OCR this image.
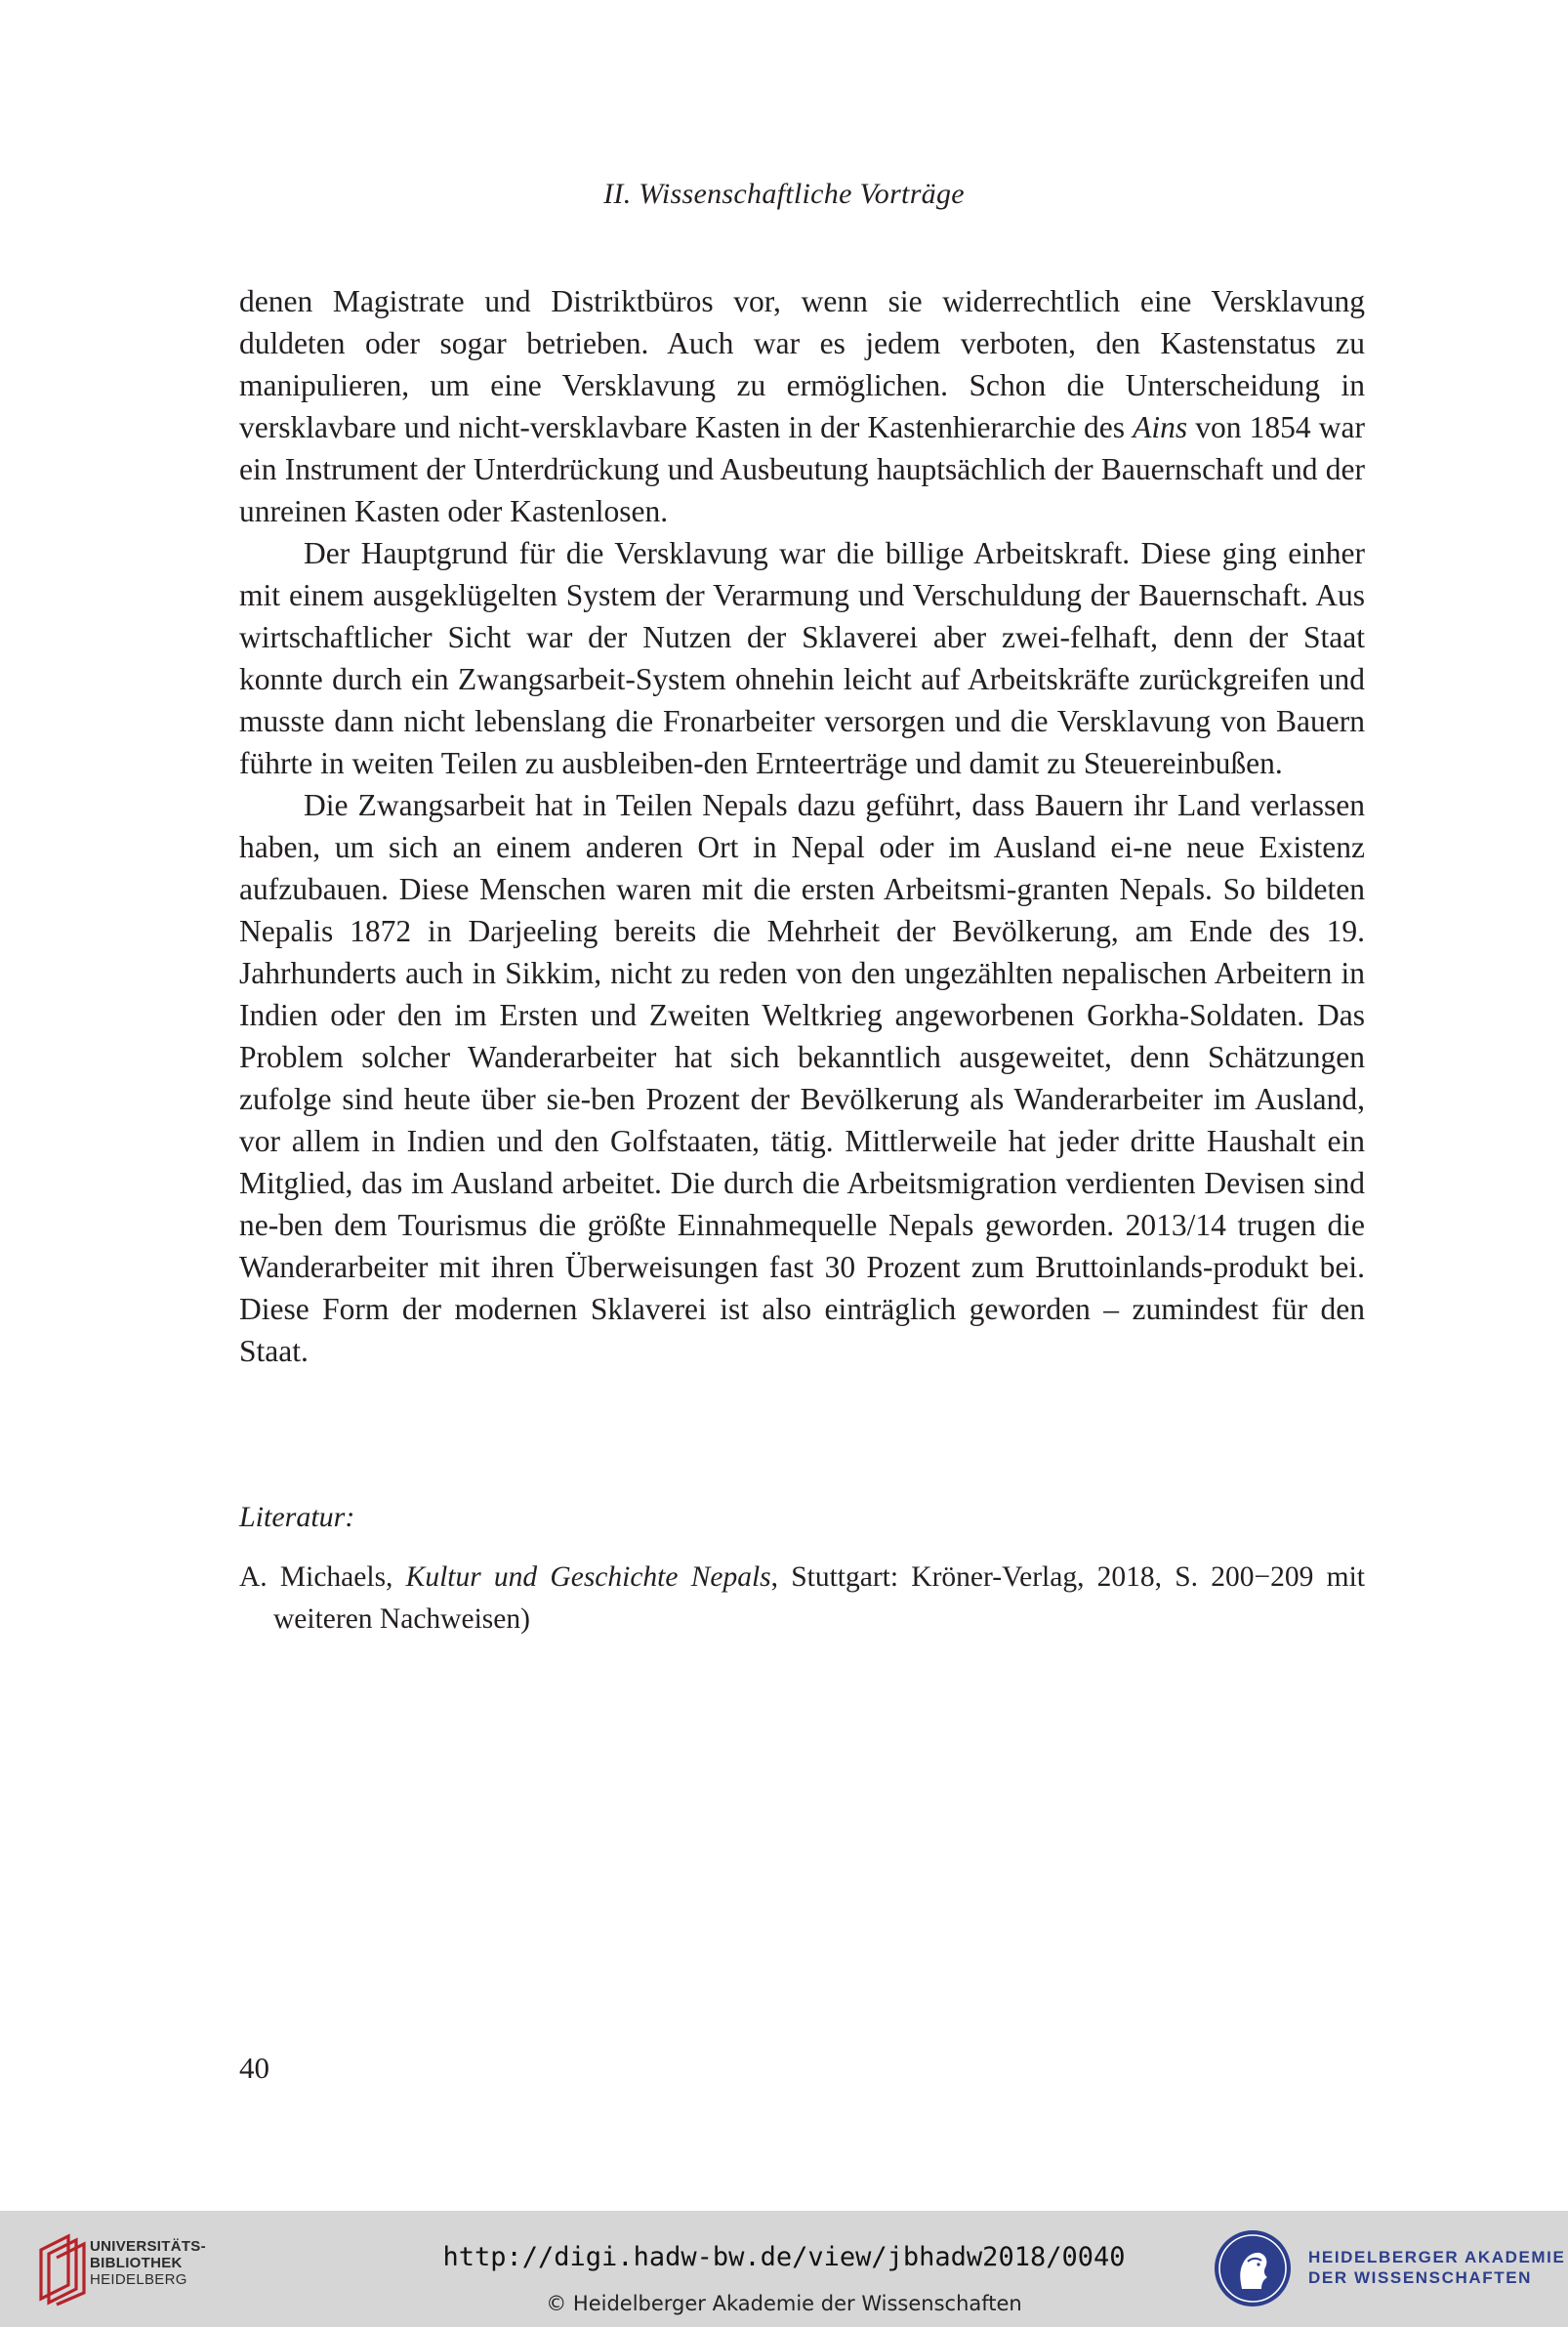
II. Wissenschaftliche Vorträge

denen Magistrate und Distriktbüros vor, wenn sie widerrechtlich eine Versklavung duldeten oder sogar betrieben. Auch war es jedem verboten, den Kastenstatus zu manipulieren, um eine Versklavung zu ermöglichen. Schon die Unterscheidung in versklavbare und nicht-versklavbare Kasten in der Kastenhierarchie des Ains von 1854 war ein Instrument der Unterdrückung und Ausbeutung hauptsächlich der Bauernschaft und der unreinen Kasten oder Kastenlosen.

Der Hauptgrund für die Versklavung war die billige Arbeitskraft. Diese ging einher mit einem ausgeklügelten System der Verarmung und Verschuldung der Bauernschaft. Aus wirtschaftlicher Sicht war der Nutzen der Sklaverei aber zwei-felhaft, denn der Staat konnte durch ein Zwangsarbeit-System ohnehin leicht auf Arbeitskräfte zurückgreifen und musste dann nicht lebenslang die Fronarbeiter versorgen und die Versklavung von Bauern führte in weiten Teilen zu ausbleiben-den Ernteerträge und damit zu Steuereinbußen.

Die Zwangsarbeit hat in Teilen Nepals dazu geführt, dass Bauern ihr Land verlassen haben, um sich an einem anderen Ort in Nepal oder im Ausland ei-ne neue Existenz aufzubauen. Diese Menschen waren mit die ersten Arbeitsmi-granten Nepals. So bildeten Nepalis 1872 in Darjeeling bereits die Mehrheit der Bevölkerung, am Ende des 19. Jahrhunderts auch in Sikkim, nicht zu reden von den ungezählten nepalischen Arbeitern in Indien oder den im Ersten und Zweiten Weltkrieg angeworbenen Gorkha-Soldaten. Das Problem solcher Wanderarbeiter hat sich bekanntlich ausgeweitet, denn Schätzungen zufolge sind heute über sie-ben Prozent der Bevölkerung als Wanderarbeiter im Ausland, vor allem in Indien und den Golfstaaten, tätig. Mittlerweile hat jeder dritte Haushalt ein Mitglied, das im Ausland arbeitet. Die durch die Arbeitsmigration verdienten Devisen sind ne-ben dem Tourismus die größte Einnahmequelle Nepals geworden. 2013/14 trugen die Wanderarbeiter mit ihren Überweisungen fast 30 Prozent zum Bruttoinlands-produkt bei. Diese Form der modernen Sklaverei ist also einträglich geworden – zumindest für den Staat.

Literatur:
A. Michaels, Kultur und Geschichte Nepals, Stuttgart: Kröner-Verlag, 2018, S. 200−209 mit weiteren Nachweisen)
40
UNIVERSITÄTS-
BIBLIOTHEK
HEIDELBERG
http://digi.hadw-bw.de/view/jbhadw2018/0040
© Heidelberger Akademie der Wissenschaften
HEIDELBERGER AKADEMIE
DER WISSENSCHAFTEN
